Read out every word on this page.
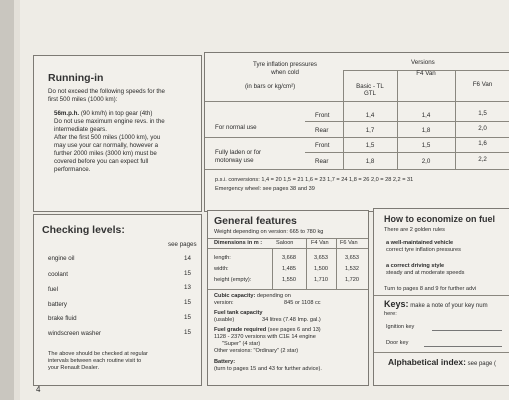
Running-in
Do not exceed the following speeds for the
first 500 miles (1000 km):
56m.p.h. (90 km/h) in top gear (4th)
Do not use maximum engine revs. in the
intermediate gears.
After the first 500 miles (1000 km), you
may use your car normally, however a
further 2000 miles (3000 km) must be
covered before you can expect full
performance.
Tyre inflation pressures
when cold
(in bars or kg/cm²)
Versions
Basic - TL
GTL
F4 Van
F6 Van
For normal use
Front	1,4	1,4	1,5
Rear	1,7	1,8	2,0
Fully laden or for
motorway use
Front	1,5	1,5	1,6
Rear	1,8	2,0	2,2
p.s.i. conversions: 1,4 = 20 1,5 = 21 1,6 = 23 1,7 = 24 1,8 = 26 2,0 = 28 2,2 = 31
Emergency wheel: see pages 38 and 39
Checking levels:
see pages
engine oil	14
coolant	15
fuel	13
battery	15
brake fluid	15
windscreen washer	15
The above should be checked at regular
intervals between each routine visit to
your Renault Dealer.
General features
Weight depending on version: 665 to 780 kg
Dimensions in m : Saloon	F4 Van F6 Van
length:	3,668	3,653	3,653
width:	1,485	1,500	1,532
height (empty):	1,550	1,710	1,720
Cubic capacity: depending on
version:	845 or 1108 cc
Fuel tank capacity
(usable)	34 litres (7.48 Imp. gal.)
Fuel grade required (see pages 6 and 13)
1128 - 2370 versions with C1E 14 engine
"Super" (4 star)
Other versions: "Ordinary" (2 star)
Battery:
(turn to pages 15 and 43 for further advice).
How to economize on fuel
There are 2 golden rules
a well-maintained vehicle
correct tyre inflation pressures
a correct driving style
steady and at moderate speeds
Turn to pages 8 and 9 for further advi
Keys: make a note of your key num
here:
Ignition key
Door key
Alphabetical index: see page (
4
